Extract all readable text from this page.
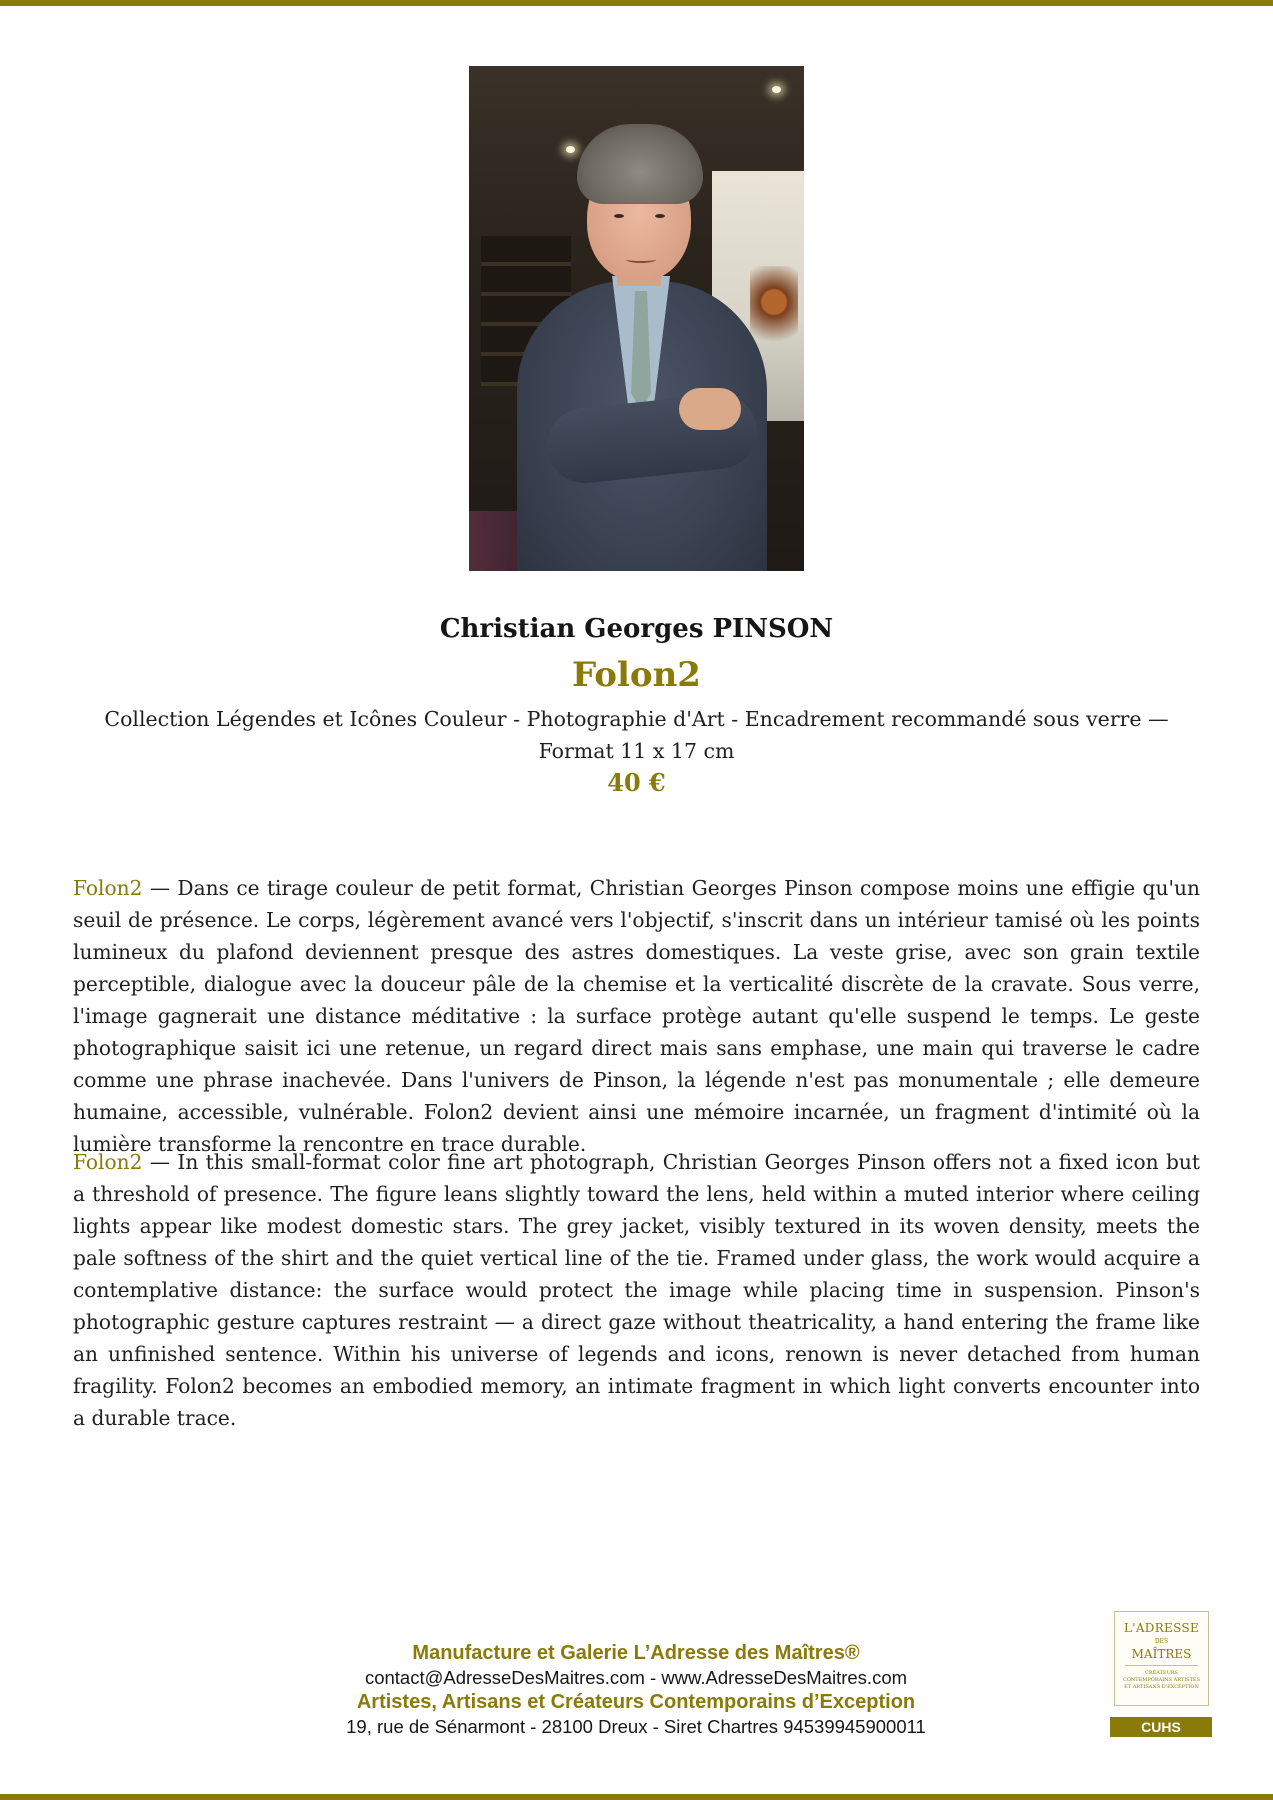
Christian Georges PINSON
Folon2
Collection Légendes et Icônes Couleur - Photographie d'Art - Encadrement recommandé sous verre — Format 11 x 17 cm
40 €

Folon2 — Dans ce tirage couleur de petit format, Christian Georges Pinson compose moins une effigie qu'un seuil de présence. Le corps, légèrement avancé vers l'objectif, s'inscrit dans un intérieur tamisé où les points lumineux du plafond deviennent presque des astres domestiques. La veste grise, avec son grain textile perceptible, dialogue avec la douceur pâle de la chemise et la verticalité discrète de la cravate. Sous verre, l'image gagnerait une distance méditative : la surface protège autant qu'elle suspend le temps. Le geste photographique saisit ici une retenue, un regard direct mais sans emphase, une main qui traverse le cadre comme une phrase inachevée. Dans l'univers de Pinson, la légende n'est pas monumentale ; elle demeure humaine, accessible, vulnérable. Folon2 devient ainsi une mémoire incarnée, un fragment d'intimité où la lumière transforme la rencontre en trace durable.

Folon2 — In this small-format color fine art photograph, Christian Georges Pinson offers not a fixed icon but a threshold of presence. The figure leans slightly toward the lens, held within a muted interior where ceiling lights appear like modest domestic stars. The grey jacket, visibly textured in its woven density, meets the pale softness of the shirt and the quiet vertical line of the tie. Framed under glass, the work would acquire a contemplative distance: the surface would protect the image while placing time in suspension. Pinson's photographic gesture captures restraint — a direct gaze without theatricality, a hand entering the frame like an unfinished sentence. Within his universe of legends and icons, renown is never detached from human fragility. Folon2 becomes an embodied memory, an intimate fragment in which light converts encounter into a durable trace.

Manufacture et Galerie L’Adresse des Maîtres®
contact@AdresseDesMaitres.com - www.AdresseDesMaitres.com
Artistes, Artisans et Créateurs Contemporains d’Exception
19, rue de Sénarmont - 28100 Dreux - Siret Chartres 94539945900011
L'ADRESSE
DES
MAÎTRES
CRÉATEURS CONTEMPORAINS ARTISTES ET ARTISANS D'EXCEPTION
CUHS
